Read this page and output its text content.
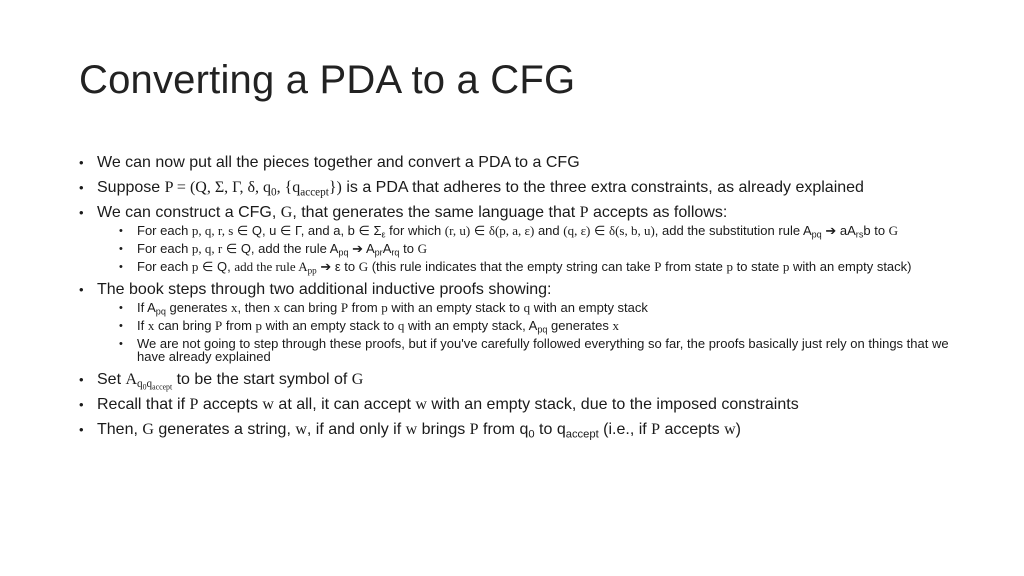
Converting a PDA to a CFG
• We can now put all the pieces together and convert a PDA to a CFG
• Suppose P = (Q, Σ, Γ, δ, $q_0$, $\{q_{accept}\}$) is a PDA that adheres to the three extra constraints, as already explained
• We can construct a CFG, G, that generates the same language that P accepts as follows:
• For each p, q, r, s ∈ Q, u ∈ Γ, and a, b ∈ $\Sigma_\varepsilon$ for which (r, u) ∈ δ(p, a, ε) and (q, ε) ∈ δ(s, b, u), add the substitution rule $A_{pq}$ ➔ $aA_{rs}b$ to G
• For each p, q, r ∈ Q, add the rule $A_{pq}$ ➔ $A_{pr}A_{rq}$ to G
• For each p ∈ Q, add the rule $A_{pp}$ ➔ ε to G (this rule indicates that the empty string can take P from state p to state p with an empty stack)
• The book steps through two additional inductive proofs showing:
• If $A_{pq}$ generates x, then x can bring P from p with an empty stack to q with an empty stack
• If x can bring P from p with an empty stack to q with an empty stack, $A_{pq}$ generates x
• We are not going to step through these proofs, but if you've carefully followed everything so far, the proofs basically just rely on things that we have already explained
• Set $A_{q_0q_{accept}}$ to be the start symbol of G
• Recall that if P accepts w at all, it can accept w with an empty stack, due to the imposed constraints
• Then, G generates a string, w, if and only if w brings P from $q_0$ to $q_{accept}$ (i.e., if P accepts w)
